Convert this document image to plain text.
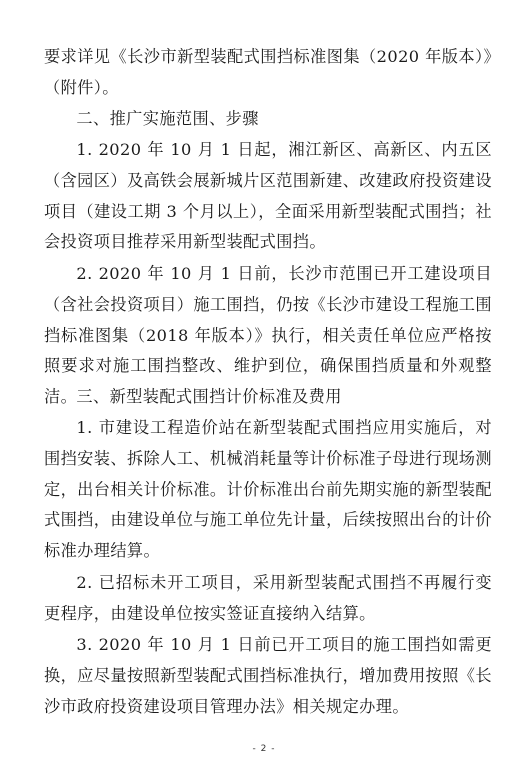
要求详见《长沙市新型装配式围挡标准图集（2020 年版本）》（附件）。
二、推广实施范围、步骤
1. 2020 年 10 月 1 日起，湘江新区、高新区、内五区（含园区）及高铁会展新城片区范围新建、改建政府投资建设项目（建设工期 3 个月以上），全面采用新型装配式围挡；社会投资项目推荐采用新型装配式围挡。
2. 2020 年 10 月 1 日前，长沙市范围已开工建设项目（含社会投资项目）施工围挡，仍按《长沙市建设工程施工围挡标准图集（2018 年版本）》执行，相关责任单位应严格按照要求对施工围挡整改、维护到位，确保围挡质量和外观整洁。 三、新型装配式围挡计价标准及费用
1. 市建设工程造价站在新型装配式围挡应用实施后，对围挡安装、拆除人工、机械消耗量等计价标准子母进行现场测定，出台相关计价标准。计价标准出台前先期实施的新型装配式围挡，由建设单位与施工单位先计量，后续按照出台的计价标准办理结算。
2. 已招标未开工项目，采用新型装配式围挡不再履行变更程序，由建设单位按实签证直接纳入结算。
3. 2020 年 10 月 1 日前已开工项目的施工围挡如需更换，应尽量按照新型装配式围挡标准执行，增加费用按照《长沙市政府投资建设项目管理办法》相关规定办理。
- 2 -
